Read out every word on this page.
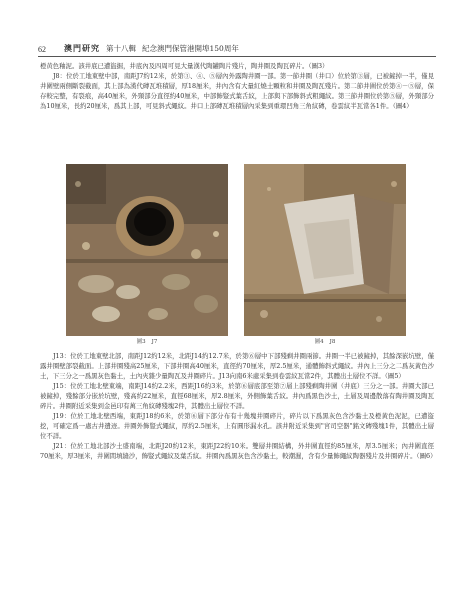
62	澳門研究 第十八輯 紀念澳門保管港開埠150周年

橙黄色釉泥。該井底已遭盜掘，井底內及四周可見大量漢代陶罐陶片殘片，陶井圈及陶瓦碎片。（圖3）

J8：位於工地東壁中部，南距J7約12米，於第③、④、⑤層內外露陶井圈一部。第一節井圈（井口）位於第③層，已被鏟掉一半，僅見井圍壁兩側斷裂截面，其上部為漢代磚瓦堆積層，厚18厘米，井內含有大量紅燒土顆粒和井圈及陶瓦殘片。第二節井圍位於第④－⑤層，保存較完整，有裂痕，高40厘米，外頸部分直徑約40厘米，中部飾豎式葉舌紋，上部與下部飾斜式粗繩紋。第三節井圈位於第⑤層，外頸部分為10厘米，長約20厘米，爲其上部，可見斜式繩紋。井口上部磚瓦堆積層內采集到重環凹角三角紋磚，卷雲紋半瓦當各1件。（圖4）

圖3 J7	圖4 J8

J13：位於工地東壁北部，南距J12約12米，北距J14約12.7米，於第⑥層中下部殘剩井圈兩節。井圈一半已被鏟掉，其餘深嵌坑壁，僅露井圈壁部裂截面。上部井圈殘高25厘米，下部井圈高40厘米，直徑約70厘米，厚2.5厘米，通體飾斜式繩紋。井內上三分之二爲灰黃色沙土，下三分之一爲黑灰色黏土，土內夾雜少量陶瓦及井圈碎片。J13向南6米處采集到卷雲紋瓦當2件，其體出土層位不詳。（圖5）

J15：位於工地北壁東端，南距J14約2.2米，西距J16約3米，於第⑥層底部至第⑦層上部殘剩陶井圍（井底）三分之一部。井圈大部已被鏟掉，殘餘部分嵌於坑壁，殘高約22厘米，直徑68厘米，厚2.8厘米，外側飾葉舌紋。井內爲黑色沙土，土層及周邊散落有陶井圈及陶瓦碎片。井圈附近采集到金邑印有萬三角紋磚殘塊2件，其體出土層位不詳。

J19：位於工地北壁西端，東距J18約6米，於第⑥層下部分布有十幾塊井圈碎片，碎片以下爲黑灰色含沙黏土及橙黃色泥泥，已遭盜挖，可確定爲一處古井遺迹。井圈外飾豎式繩紋，厚約2.5厘米，上有圓形漏水孔。該井附近采集到"宮司空器"銘文磚殘塊1件，其體出土層位不詳。

J21：位於工地北部沙土盛南端，北距J20約12米，東距J22約10米。雙層井圈結構，外井圍直徑約85厘米，厚3.5厘米；內井圍直徑70厘米，厚3厘米，井圍間填縫沙，飾豎式繩紋及葉舌紋。井圈內爲黑灰色含沙黏土，較潮濕，含有少量飾繩紋陶器殘片及井圈碎片。（圖6）
